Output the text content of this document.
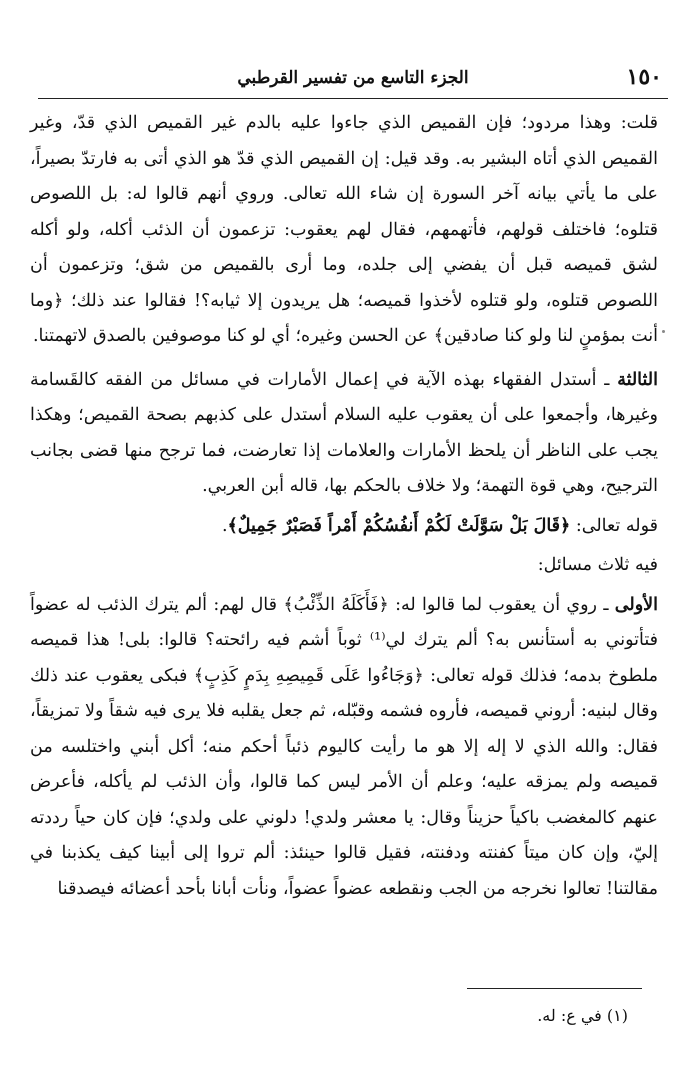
١٥٠
الجزء التاسع من تفسير القرطبي

قلت: وهذا مردود؛ فإن القميص الذي جاءوا عليه بالدم غير القميص الذي قدّ، وغير القميص الذي أتاه البشير به. وقد قيل: إن القميص الذي قدّ هو الذي أتى به فارتدّ بصيراً، على ما يأتي بيانه آخر السورة إن شاء الله تعالى. وروي أنهم قالوا له: بل اللصوص قتلوه؛ فاختلف قولهم، فأتهمهم، فقال لهم يعقوب: تزعمون أن الذئب أكله، ولو أكله لشق قميصه قبل أن يفضي إلى جلده، وما أرى بالقميص من شق؛ وتزعمون أن اللصوص قتلوه، ولو قتلوه لأخذوا قميصه؛ هل يريدون إلا ثيابه؟! فقالوا عند ذلك؛ ﴿وما أنت بمؤمنٍ لنا ولو كنا صادقين﴾ عن الحسن وغيره؛ أي لو كنا موصوفين بالصدق لاتهمتنا.

الثالثة ـ أستدل الفقهاء بهذه الآية في إعمال الأمارات في مسائل من الفقه كالقَسامة وغيرها، وأجمعوا على أن يعقوب عليه السلام أستدل على كذبهم بصحة القميص؛ وهكذا يجب على الناظر أن يلحظ الأمارات والعلامات إذا تعارضت، فما ترجح منها قضى بجانب الترجيح، وهي قوة التهمة؛ ولا خلاف بالحكم بها، قاله أبن العربي.

قوله تعالى: ﴿قَالَ بَلْ سَوَّلَتْ لَكُمْ أَنفُسُكُمْ أَمْراً فَصَبْرٌ جَمِيلٌ﴾.

فيه ثلاث مسائل:

الأولى ـ روي أن يعقوب لما قالوا له: ﴿فَأَكَلَهُ الذِّئْبُ﴾ قال لهم: ألم يترك الذئب له عضواً فتأتوني به أستأنس به؟ ألم يترك لي⁽¹⁾ ثوباً أشم فيه رائحته؟ قالوا: بلى! هذا قميصه ملطوخ بدمه؛ فذلك قوله تعالى: ﴿وَجَاءُوا عَلَى قَمِيصِهِ بِدَمٍ كَذِبٍ﴾ فبكى يعقوب عند ذلك وقال لبنيه: أروني قميصه، فأروه فشمه وقبّله، ثم جعل يقلبه فلا يرى فيه شقاً ولا تمزيقاً، فقال: والله الذي لا إله إلا هو ما رأيت كاليوم ذئباً أحكم منه؛ أكل أبني واختلسه من قميصه ولم يمزقه عليه؛ وعلم أن الأمر ليس كما قالوا، وأن الذئب لم يأكله، فأعرض عنهم كالمغضب باكياً حزيناً وقال: يا معشر ولدي! دلوني على ولدي؛ فإن كان حياً رددته إليّ، وإن كان ميتاً كفنته ودفنته، فقيل قالوا حينئذ: ألم تروا إلى أبينا كيف يكذبنا في مقالتنا! تعالوا نخرجه من الجب ونقطعه عضواً عضواً، ونأت أبانا بأحد أعضائه فيصدقنا

(١) في ع: له.
